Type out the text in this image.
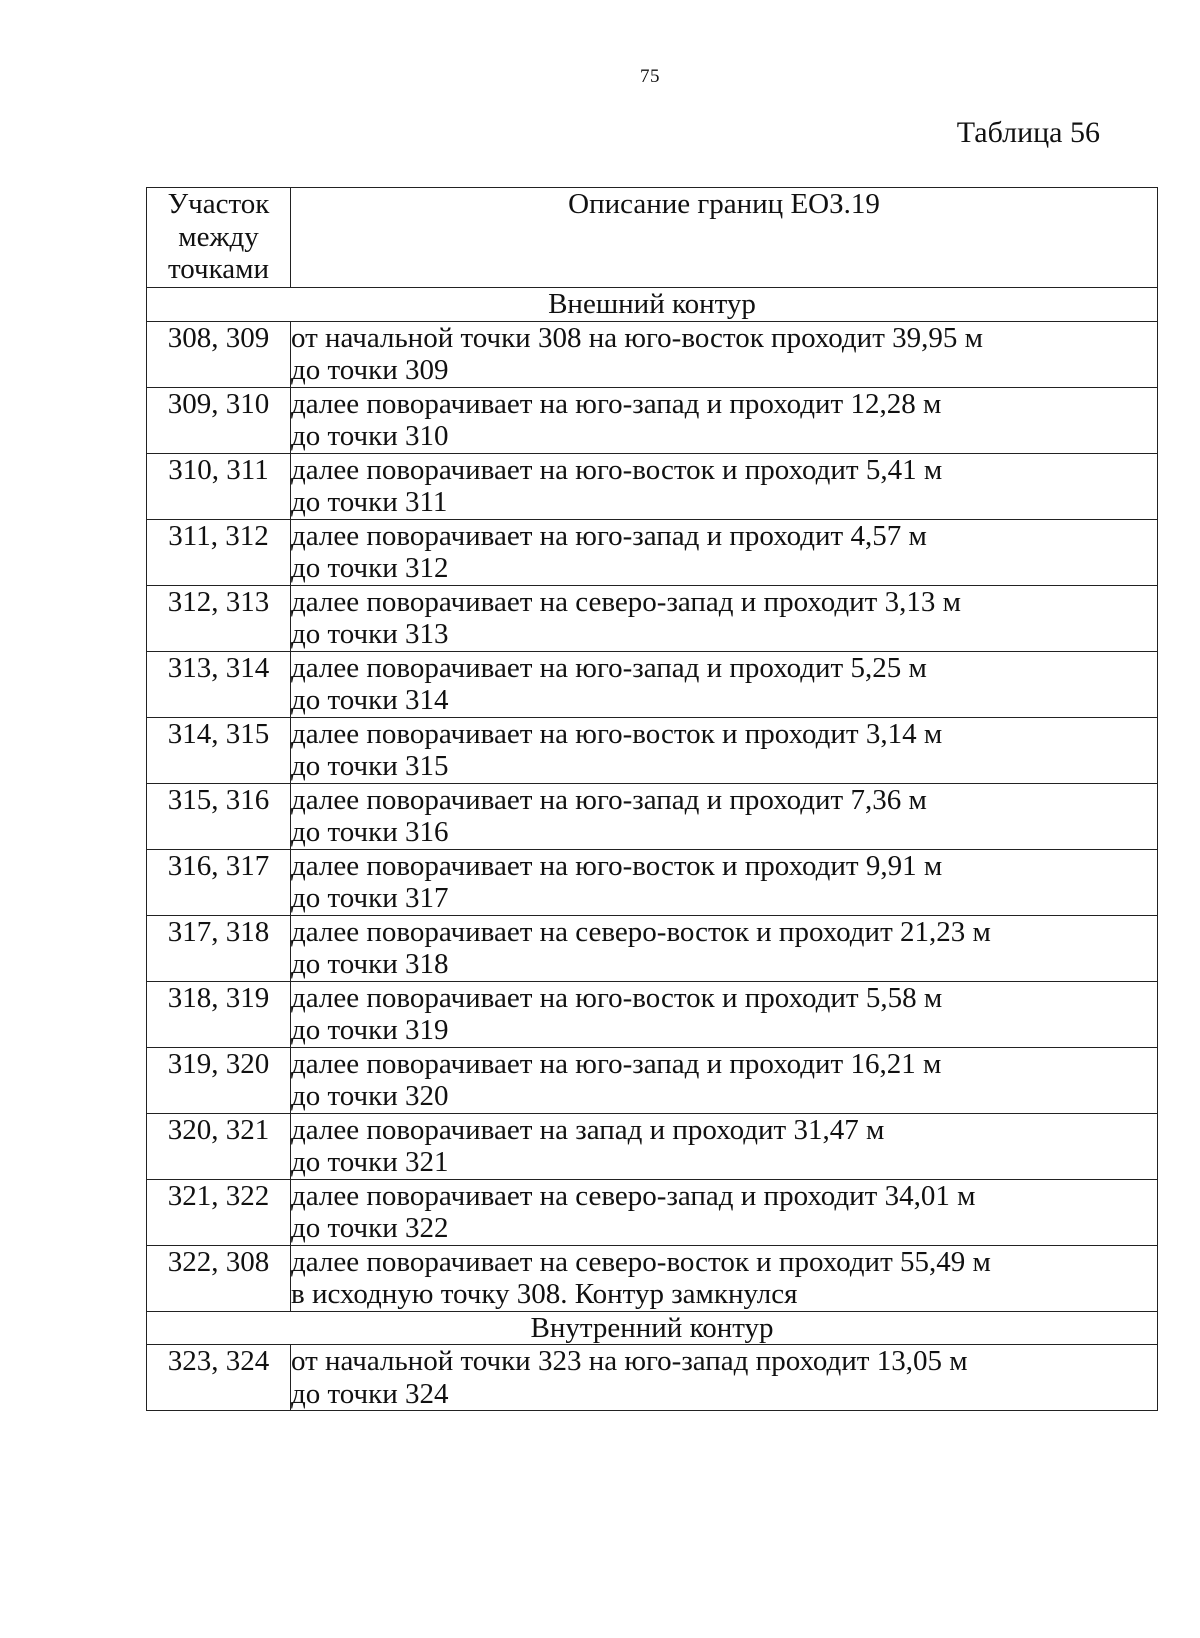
75
Таблица 56
Участок
между
точками	Описание границ ЕОЗ.19
Внешний контур	
308, 309	от начальной точки 308 на юго-восток проходит 39,95 м
до точки 309

309, 310	далее поворачивает на юго-запад и проходит 12,28 м
до точки 310

310, 311	далее поворачивает на юго-восток и проходит 5,41 м
до точки 311

311, 312	далее поворачивает на юго-запад и проходит 4,57 м
до точки 312

312, 313	далее поворачивает на северо-запад и проходит 3,13 м
до точки 313

313, 314	далее поворачивает на юго-запад и проходит 5,25 м
до точки 314

314, 315	далее поворачивает на юго-восток и проходит 3,14 м
до точки 315

315, 316	далее поворачивает на юго-запад и проходит 7,36 м
до точки 316

316, 317	далее поворачивает на юго-восток и проходит 9,91 м
до точки 317

317, 318	далее поворачивает на северо-восток и проходит 21,23 м
до точки 318

318, 319	далее поворачивает на юго-восток и проходит 5,58 м
до точки 319

319, 320	далее поворачивает на юго-запад и проходит 16,21 м
до точки 320

320, 321	далее поворачивает на запад и проходит 31,47 м
до точки 321

321, 322	далее поворачивает на северо-запад и проходит 34,01 м
до точки 322

322, 308	далее поворачивает на северо-восток и проходит 55,49 м
в исходную точку 308. Контур замкнулся

Внутренний контур	
323, 324	от начальной точки 323 на юго-запад проходит 13,05 м
до точки 324
